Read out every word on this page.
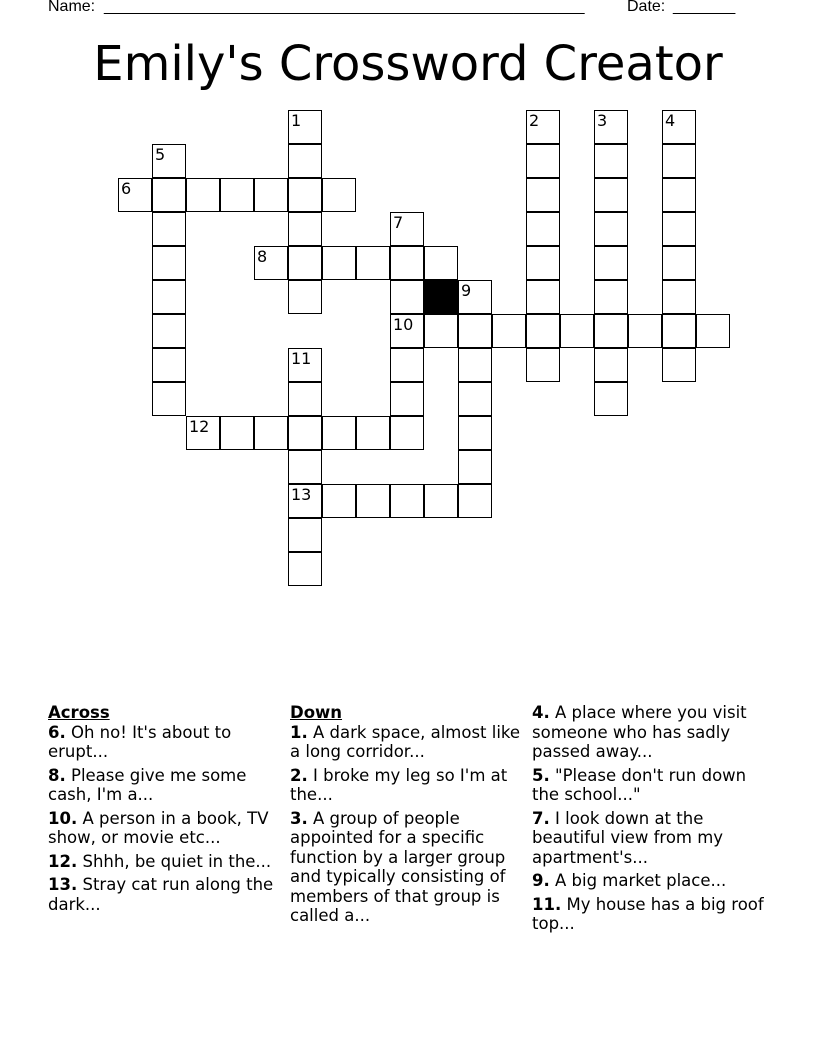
Name: ______________________________________________________	Date: _______
Emily's Crossword Creator
1	2	3	4
5
6
7
8
9
10
11
12
13

Across

6. Oh no! It's about to erupt...

8. Please give me some cash, I'm a...

10. A person in a book, TV show, or movie etc...

12. Shhh, be quiet in the...

13. Stray cat run along the dark...

Down

1. A dark space, almost like a long corridor...

2. I broke my leg so I'm at the...

3. A group of people appointed for a specific function by a larger group and typically consisting of members of that group is called a...

4. A place where you visit someone who has sadly passed away...

5. "Please don't run down the school..."

7. I look down at the beautiful view from my apartment's...

9. A big market place...

11. My house has a big roof top...
